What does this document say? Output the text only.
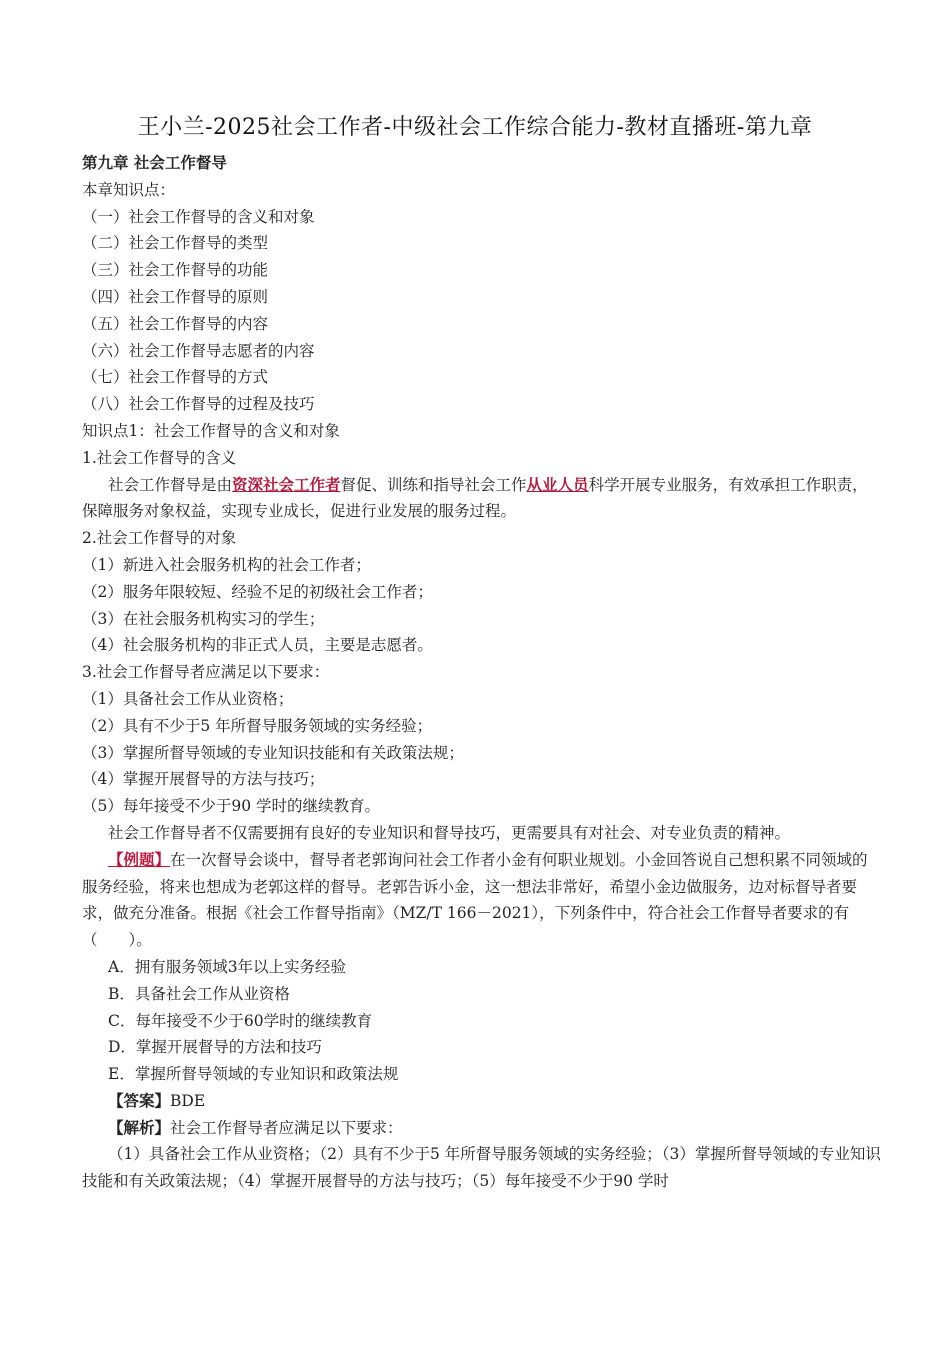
王小兰-2025社会工作者-中级社会工作综合能力-教材直播班-第九章
第九章 社会工作督导
本章知识点：
（一）社会工作督导的含义和对象
（二）社会工作督导的类型
（三）社会工作督导的功能
（四）社会工作督导的原则
（五）社会工作督导的内容
（六）社会工作督导志愿者的内容
（七）社会工作督导的方式
（八）社会工作督导的过程及技巧
知识点1：社会工作督导的含义和对象
1.社会工作督导的含义
社会工作督导是由资深社会工作者督促、训练和指导社会工作从业人员科学开展专业服务，有效承担工作职责，保障服务对象权益，实现专业成长，促进行业发展的服务过程。
2.社会工作督导的对象
（1）新进入社会服务机构的社会工作者；
（2）服务年限较短、经验不足的初级社会工作者；
（3）在社会服务机构实习的学生；
（4）社会服务机构的非正式人员，主要是志愿者。
3.社会工作督导者应满足以下要求：
（1）具备社会工作从业资格；
（2）具有不少于5 年所督导服务领域的实务经验；
（3）掌握所督导领域的专业知识技能和有关政策法规；
（4）掌握开展督导的方法与技巧；
（5）每年接受不少于90 学时的继续教育。
社会工作督导者不仅需要拥有良好的专业知识和督导技巧，更需要具有对社会、对专业负责的精神。
【例题】在一次督导会谈中，督导者老郭询问社会工作者小金有何职业规划。小金回答说自己想积累不同领域的服务经验，将来也想成为老郭这样的督导。老郭告诉小金，这一想法非常好，希望小金边做服务，边对标督导者要求，做充分准备。根据《社会工作督导指南》（MZ/T 166－2021），下列条件中，符合社会工作督导者要求的有（　　）。
A．拥有服务领域3年以上实务经验
B．具备社会工作从业资格
C．每年接受不少于60学时的继续教育
D．掌握开展督导的方法和技巧
E．掌握所督导领域的专业知识和政策法规
【答案】BDE
【解析】社会工作督导者应满足以下要求：
（1）具备社会工作从业资格；（2）具有不少于5 年所督导服务领域的实务经验；（3）掌握所督导领域的专业知识技能和有关政策法规；（4）掌握开展督导的方法与技巧；（5）每年接受不少于90 学时
